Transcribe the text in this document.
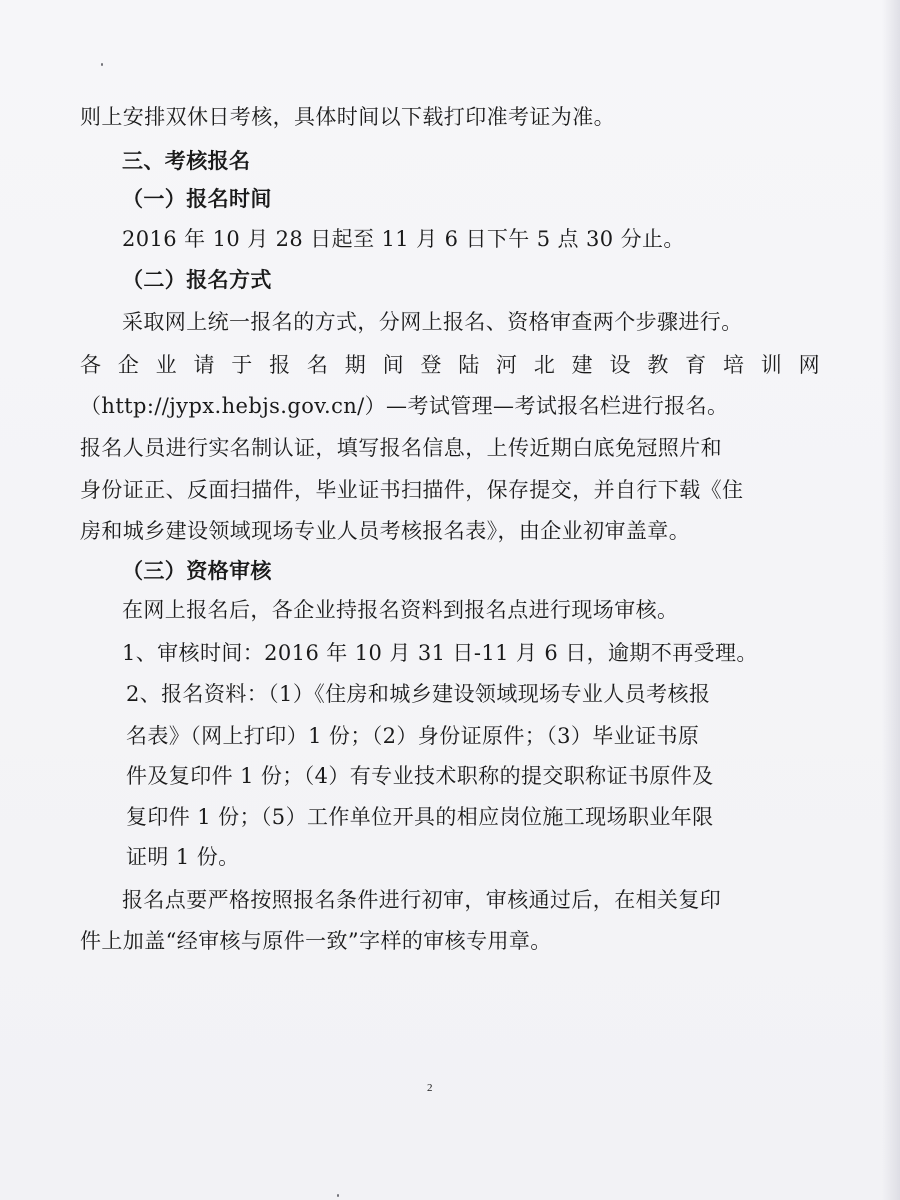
则上安排双休日考核，具体时间以下载打印准考证为准。
三、考核报名
（一）报名时间
2016 年 10 月 28 日起至 11 月 6 日下午 5 点 30 分止。
（二）报名方式
采取网上统一报名的方式，分网上报名、资格审查两个步骤进行。
各企业请于报名期间登陆河北建设教育培训网
（http://jypx.hebjs.gov.cn/）—考试管理—考试报名栏进行报名。
报名人员进行实名制认证，填写报名信息，上传近期白底免冠照片和
身份证正、反面扫描件，毕业证书扫描件，保存提交，并自行下载《住
房和城乡建设领域现场专业人员考核报名表》，由企业初审盖章。
（三）资格审核
在网上报名后，各企业持报名资料到报名点进行现场审核。
1、审核时间：2016 年 10 月 31 日-11 月 6 日，逾期不再受理。
2、报名资料：（1）《住房和城乡建设领域现场专业人员考核报
名表》（网上打印）1 份；（2）身份证原件；（3）毕业证书原
件及复印件 1 份；（4）有专业技术职称的提交职称证书原件及
复印件 1 份；（5）工作单位开具的相应岗位施工现场职业年限
证明 1 份。
报名点要严格按照报名条件进行初审，审核通过后，在相关复印
件上加盖“经审核与原件一致”字样的审核专用章。
2
